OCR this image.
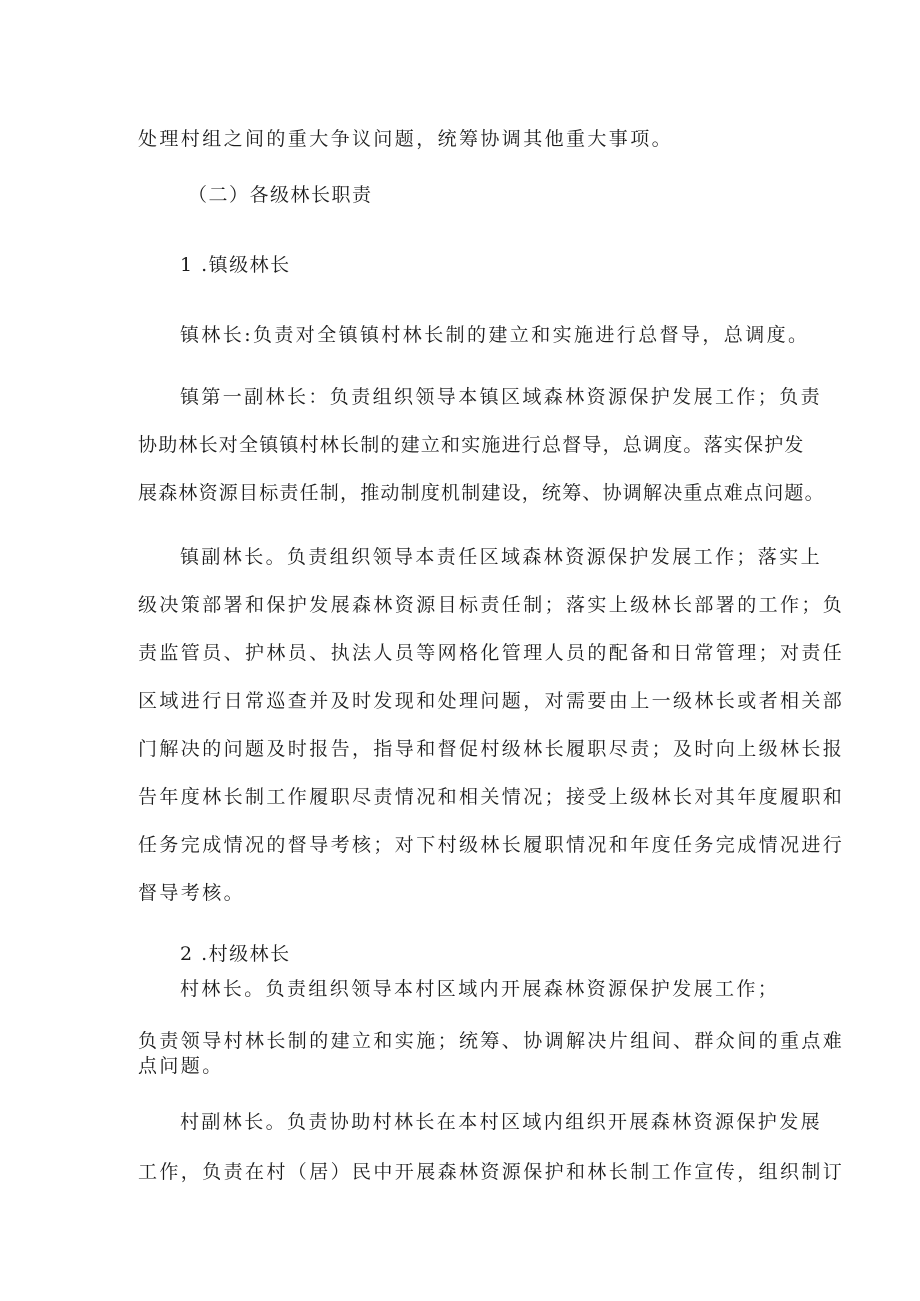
处理村组之间的重大争议问题，统筹协调其他重大事项。
（二）各级林长职责
1 .镇级林长
镇林长:负责对全镇镇村林长制的建立和实施进行总督导，总调度。
镇第一副林长：负责组织领导本镇区域森林资源保护发展工作；负责
协助林长对全镇镇村林长制的建立和实施进行总督导，总调度。落实保护发
展森林资源目标责任制，推动制度机制建设，统筹、协调解决重点难点问题。
镇副林长。负责组织领导本责任区域森林资源保护发展工作；落实上
级决策部署和保护发展森林资源目标责任制；落实上级林长部署的工作；负
责监管员、护林员、执法人员等网格化管理人员的配备和日常管理；对责任
区域进行日常巡查并及时发现和处理问题，对需要由上一级林长或者相关部
门解决的问题及时报告，指导和督促村级林长履职尽责；及时向上级林长报
告年度林长制工作履职尽责情况和相关情况；接受上级林长对其年度履职和
任务完成情况的督导考核；对下村级林长履职情况和年度任务完成情况进行
督导考核。
2 .村级林长
村林长。负责组织领导本村区域内开展森林资源保护发展工作；
负责领导村林长制的建立和实施；统筹、协调解决片组间、群众间的重点难
点问题。
村副林长。负责协助村林长在本村区域内组织开展森林资源保护发展
工作，负责在村（居）民中开展森林资源保护和林长制工作宣传，组织制订
